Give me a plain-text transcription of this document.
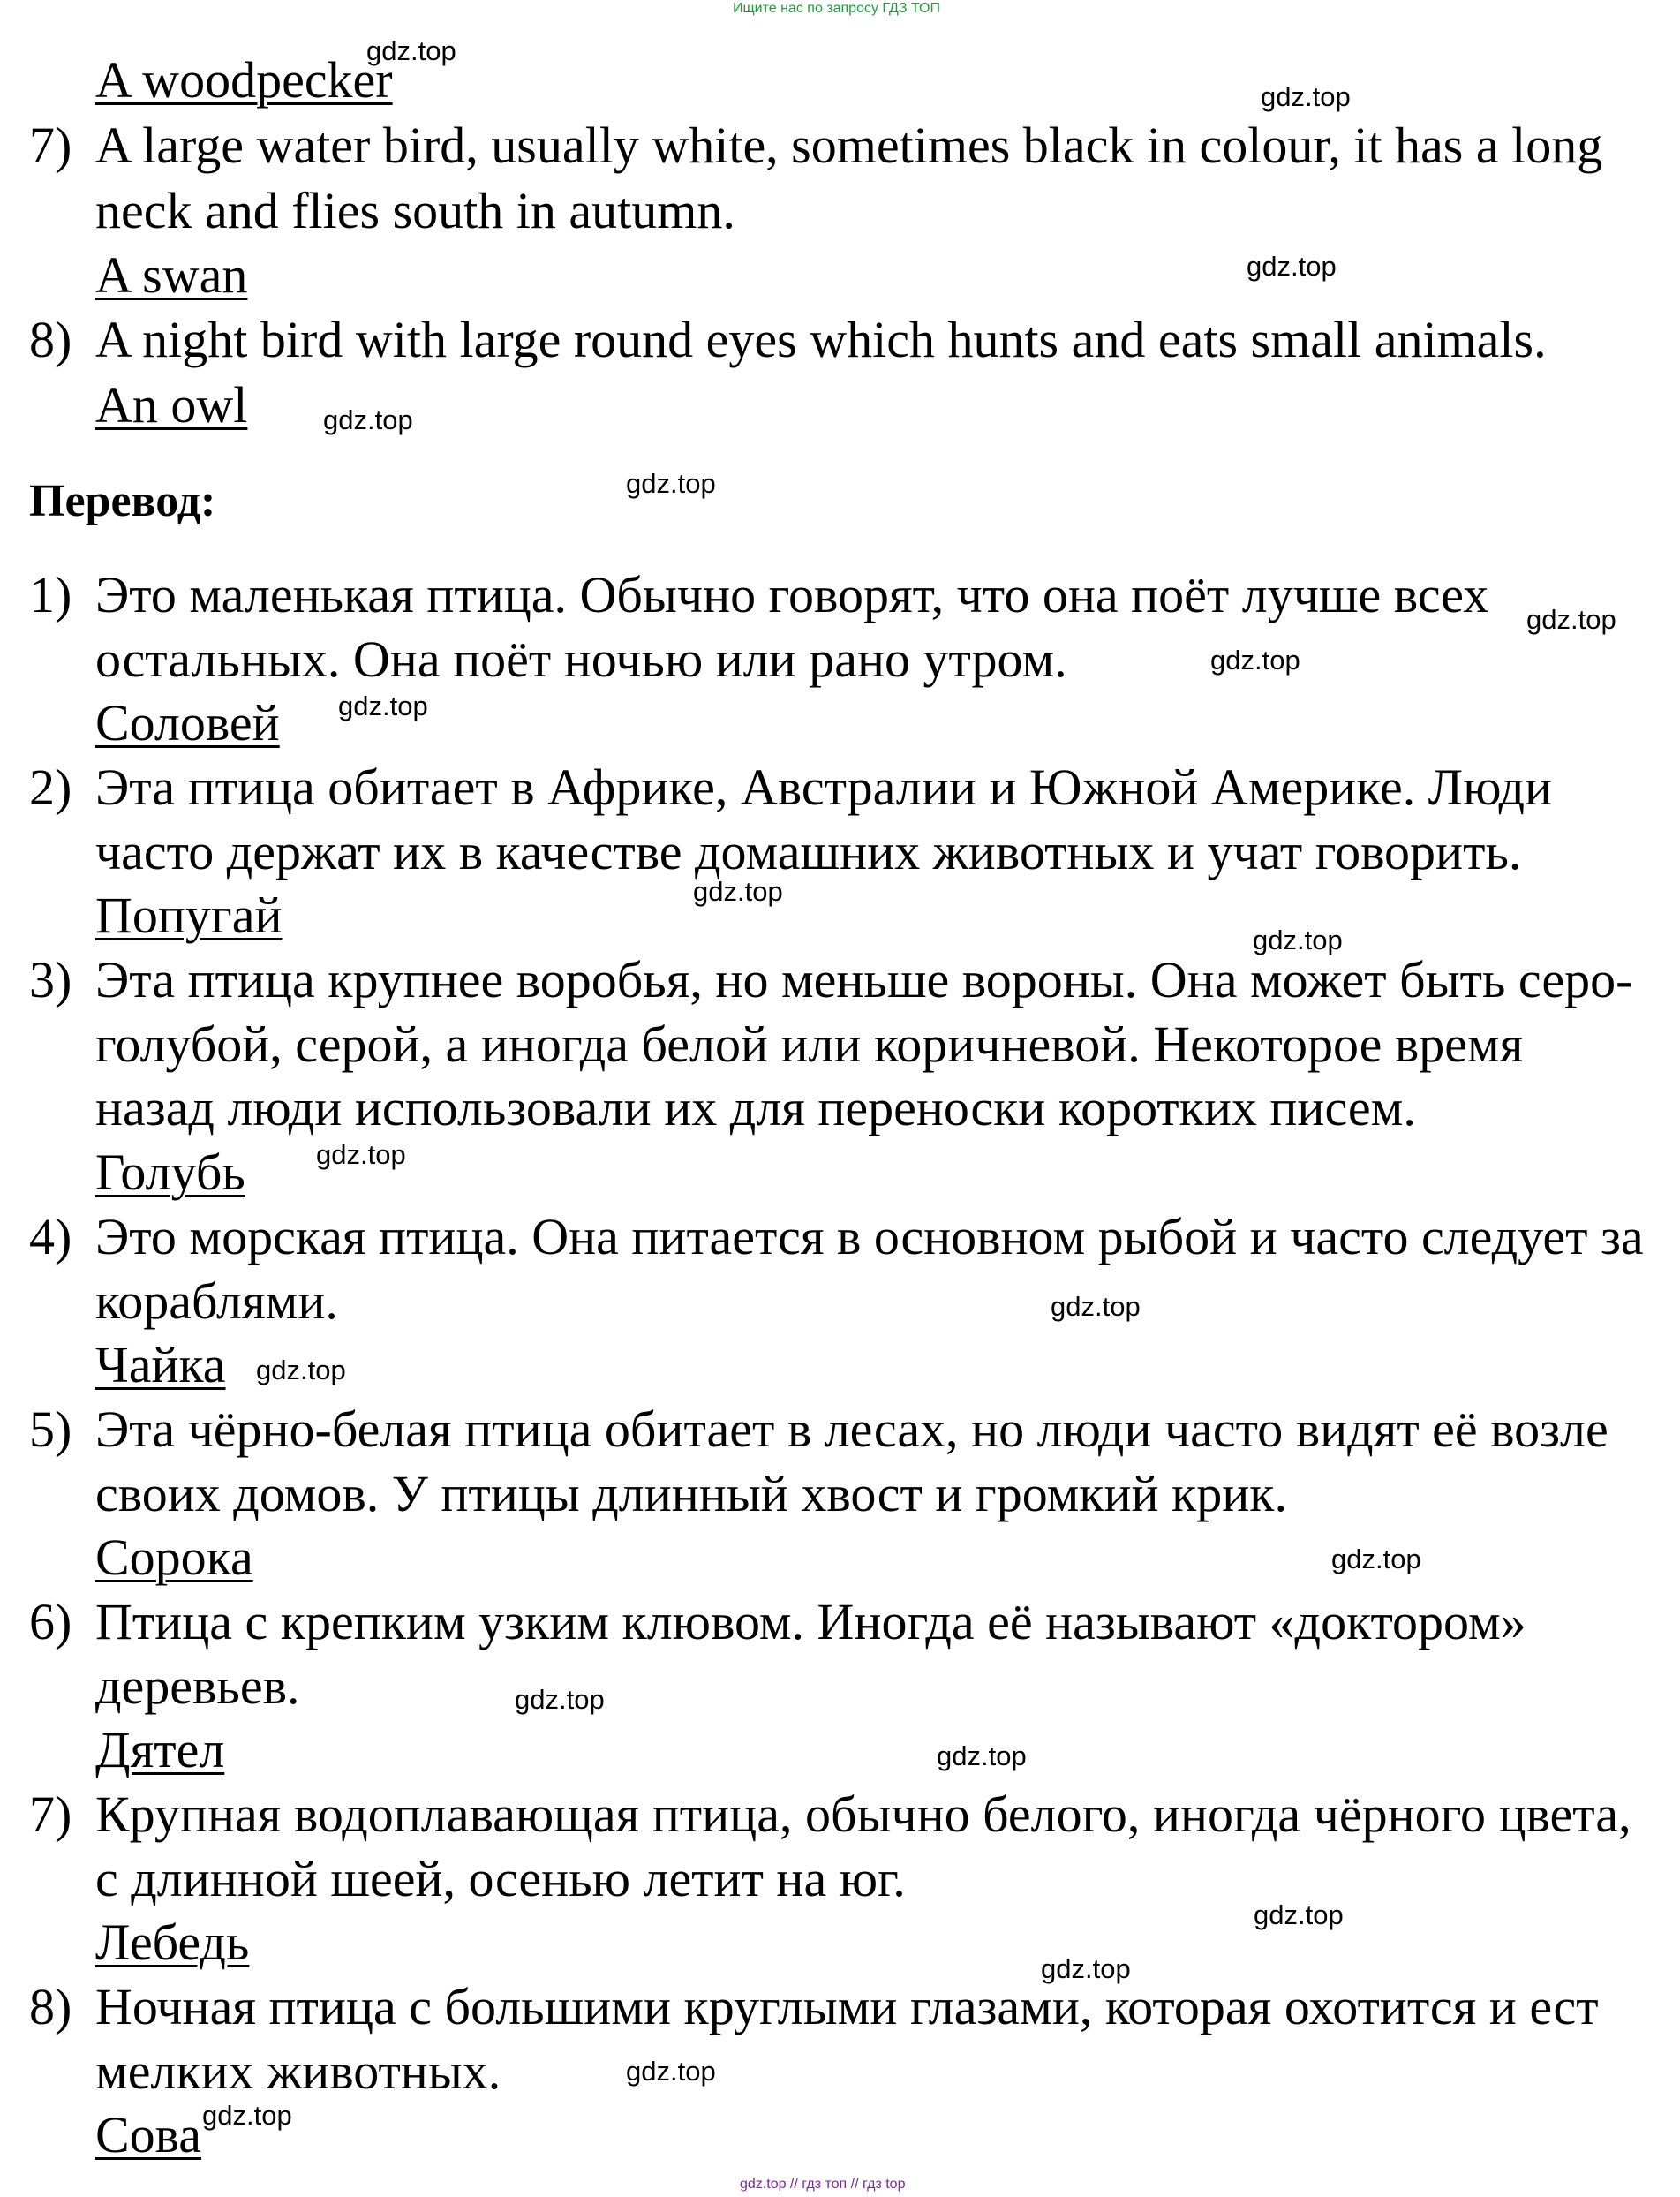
Ищите нас по запросу ГДЗ ТОП
A woodpecker
7) A large water bird, usually white, sometimes black in colour, it has a long
neck and flies south in autumn.
A swan
8) A night bird with large round eyes which hunts and eats small animals.
An owl
Перевод:
1) Это маленькая птица. Обычно говорят, что она поёт лучше всех
остальных. Она поёт ночью или рано утром.
Соловей
2) Эта птица обитает в Африке, Австралии и Южной Америке. Люди
часто держат их в качестве домашних животных и учат говорить.
Попугай
3) Эта птица крупнее воробья, но меньше вороны. Она может быть серо-
голубой, серой, а иногда белой или коричневой. Некоторое время
назад люди использовали их для переноски коротких писем.
Голубь
4) Это морская птица. Она питается в основном рыбой и часто следует за
кораблями.
Чайка
5) Эта чёрно-белая птица обитает в лесах, но люди часто видят её возле
своих домов. У птицы длинный хвост и громкий крик.
Сорока
6) Птица с крепким узким клювом. Иногда её называют «доктором»
деревьев.
Дятел
7) Крупная водоплавающая птица, обычно белого, иногда чёрного цвета,
с длинной шеей, осенью летит на юг.
Лебедь
8) Ночная птица с большими круглыми глазами, которая охотится и ест
мелких животных.
Сова
gdz.top
gdz.top
gdz.top
gdz.top
gdz.top
gdz.top
gdz.top
gdz.top
gdz.top
gdz.top
gdz.top
gdz.top
gdz.top
gdz.top
gdz.top
gdz.top
gdz.top
gdz.top
gdz.top
gdz.top
gdz.top // гдз топ // гдз top
